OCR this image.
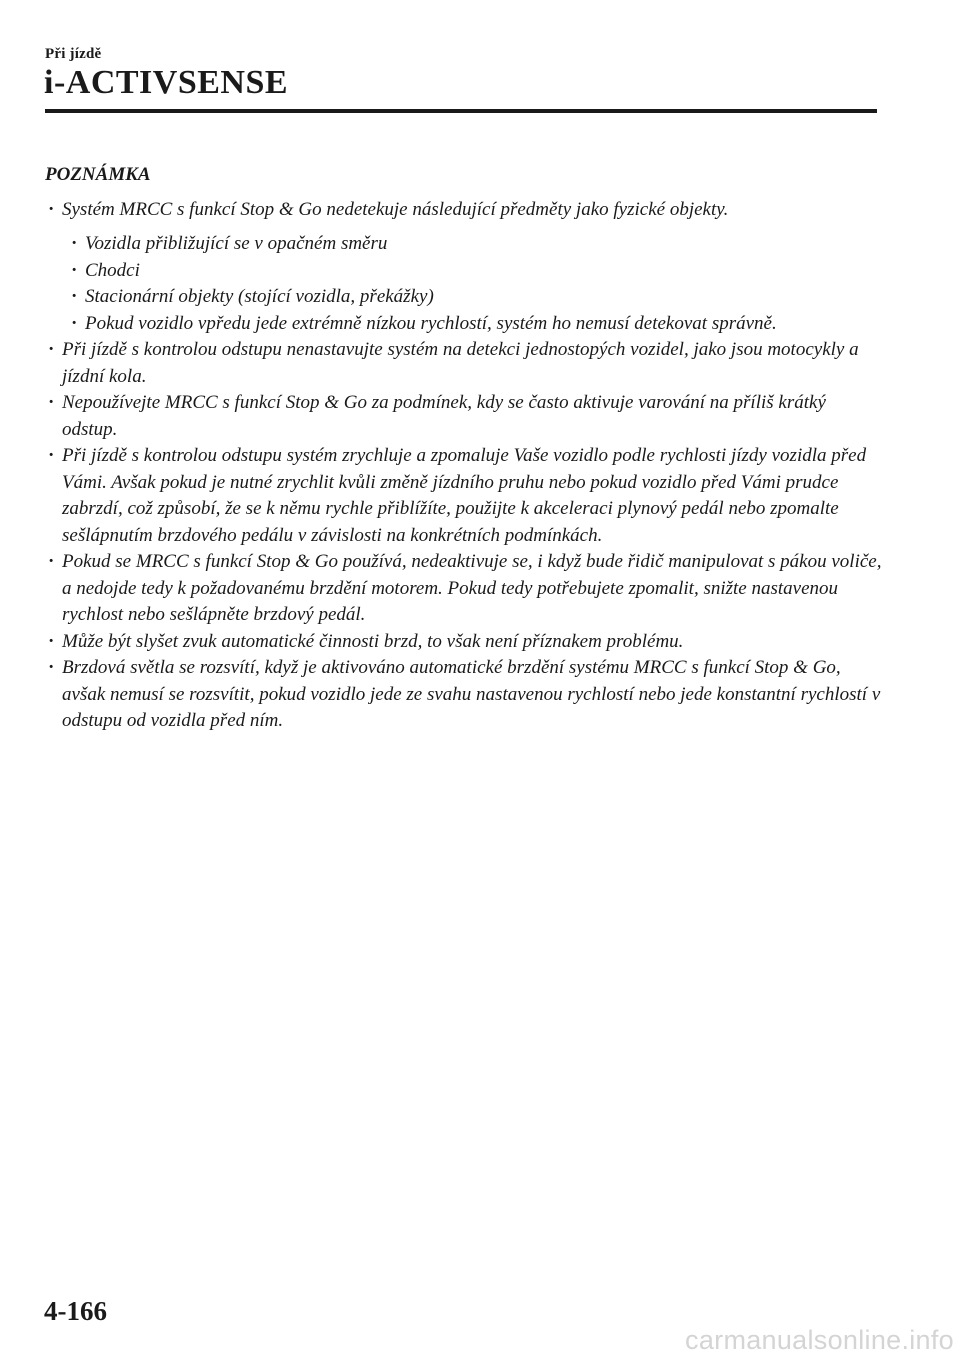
Při jízdě
i-ACTIVSENSE
POZNÁMKA
· Systém MRCC s funkcí Stop & Go nedetekuje následující předměty jako fyzické objekty.
· Vozidla přibližující se v opačném směru
· Chodci
· Stacionární objekty (stojící vozidla, překážky)
· Pokud vozidlo vpředu jede extrémně nízkou rychlostí, systém ho nemusí detekovat správně.
· Při jízdě s kontrolou odstupu nenastavujte systém na detekci jednostopých vozidel, jako jsou motocykly a jízdní kola.
· Nepoužívejte MRCC s funkcí Stop & Go za podmínek, kdy se často aktivuje varování na příliš krátký odstup.
· Při jízdě s kontrolou odstupu systém zrychluje a zpomaluje Vaše vozidlo podle rychlosti jízdy vozidla před Vámi. Avšak pokud je nutné zrychlit kvůli změně jízdního pruhu nebo pokud vozidlo před Vámi prudce zabrzdí, což způsobí, že se k němu rychle přiblížíte, použijte k akceleraci plynový pedál nebo zpomalte sešlápnutím brzdového pedálu v závislosti na konkrétních podmínkách.
· Pokud se MRCC s funkcí Stop & Go používá, nedeaktivuje se, i když bude řidič manipulovat s pákou voliče, a nedojde tedy k požadovanému brzdění motorem. Pokud tedy potřebujete zpomalit, snižte nastavenou rychlost nebo sešlápněte brzdový pedál.
· Může být slyšet zvuk automatické činnosti brzd, to však není příznakem problému.
· Brzdová světla se rozsvítí, když je aktivováno automatické brzdění systému MRCC s funkcí Stop & Go, avšak nemusí se rozsvítit, pokud vozidlo jede ze svahu nastavenou rychlostí nebo jede konstantní rychlostí v odstupu od vozidla před ním.
4-166
carmanualsonline.info
